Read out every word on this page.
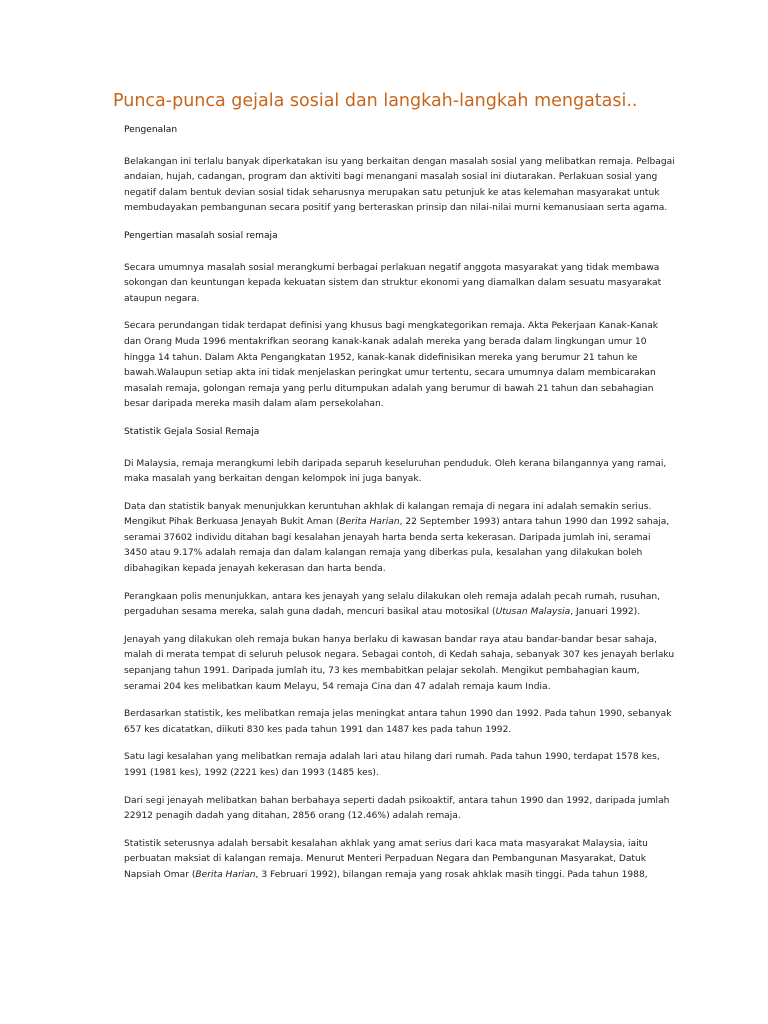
Punca-punca gejala sosial dan langkah-langkah mengatasi..
Pengenalan

Belakangan ini terlalu banyak diperkatakan isu yang berkaitan dengan masalah sosial yang melibatkan remaja. Pelbagai
andaian, hujah, cadangan, program dan aktiviti bagi menangani masalah sosial ini diutarakan. Perlakuan sosial yang
negatif dalam bentuk devian sosial tidak seharusnya merupakan satu petunjuk ke atas kelemahan masyarakat untuk
membudayakan pembangunan secara positif yang berteraskan prinsip dan nilai-nilai murni kemanusiaan serta agama.

Pengertian masalah sosial remaja

Secara umumnya masalah sosial merangkumi berbagai perlakuan negatif anggota masyarakat yang tidak membawa
sokongan dan keuntungan kepada kekuatan sistem dan struktur ekonomi yang diamalkan dalam sesuatu masyarakat
ataupun negara.

Secara perundangan tidak terdapat definisi yang khusus bagi mengkategorikan remaja. Akta Pekerjaan Kanak-Kanak
dan Orang Muda 1996 mentakrifkan seorang kanak-kanak adalah mereka yang berada dalam lingkungan umur 10
hingga 14 tahun. Dalam Akta Pengangkatan 1952, kanak-kanak didefinisikan mereka yang berumur 21 tahun ke
bawah.Walaupun setiap akta ini tidak menjelaskan peringkat umur tertentu, secara umumnya dalam membicarakan
masalah remaja, golongan remaja yang perlu ditumpukan adalah yang berumur di bawah 21 tahun dan sebahagian
besar daripada mereka masih dalam alam persekolahan.

Statistik Gejala Sosial Remaja

Di Malaysia, remaja merangkumi lebih daripada separuh keseluruhan penduduk. Oleh kerana bilangannya yang ramai,
maka masalah yang berkaitan dengan kelompok ini juga banyak.

Data dan statistik banyak menunjukkan keruntuhan akhlak di kalangan remaja di negara ini adalah semakin serius.
Mengikut Pihak Berkuasa Jenayah Bukit Aman (Berita Harian, 22 September 1993) antara tahun 1990 dan 1992 sahaja,
seramai 37602 individu ditahan bagi kesalahan jenayah harta benda serta kekerasan. Daripada jumlah ini, seramai
3450 atau 9.17% adalah remaja dan dalam kalangan remaja yang diberkas pula, kesalahan yang dilakukan boleh
dibahagikan kepada jenayah kekerasan dan harta benda.

Perangkaan polis menunjukkan, antara kes jenayah yang selalu dilakukan oleh remaja adalah pecah rumah, rusuhan,
pergaduhan sesama mereka, salah guna dadah, mencuri basikal atau motosikal (Utusan Malaysia, Januari 1992).

Jenayah yang dilakukan oleh remaja bukan hanya berlaku di kawasan bandar raya atau bandar-bandar besar sahaja,
malah di merata tempat di seluruh pelusok negara. Sebagai contoh, di Kedah sahaja, sebanyak 307 kes jenayah berlaku
sepanjang tahun 1991. Daripada jumlah itu, 73 kes membabitkan pelajar sekolah. Mengikut pembahagian kaum,
seramai 204 kes melibatkan kaum Melayu, 54 remaja Cina dan 47 adalah remaja kaum India.

Berdasarkan statistik, kes melibatkan remaja jelas meningkat antara tahun 1990 dan 1992. Pada tahun 1990, sebanyak
657 kes dicatatkan, diikuti 830 kes pada tahun 1991 dan 1487 kes pada tahun 1992.

Satu lagi kesalahan yang melibatkan remaja adalah lari atau hilang dari rumah. Pada tahun 1990, terdapat 1578 kes,
1991 (1981 kes), 1992 (2221 kes) dan 1993 (1485 kes).

Dari segi jenayah melibatkan bahan berbahaya seperti dadah psikoaktif, antara tahun 1990 dan 1992, daripada jumlah
22912 penagih dadah yang ditahan, 2856 orang (12.46%) adalah remaja.

Statistik seterusnya adalah bersabit kesalahan akhlak yang amat serius dari kaca mata masyarakat Malaysia, iaitu
perbuatan maksiat di kalangan remaja. Menurut Menteri Perpaduan Negara dan Pembangunan Masyarakat, Datuk
Napsiah Omar (Berita Harian, 3 Februari 1992), bilangan remaja yang rosak ahklak masih tinggi. Pada tahun 1988,
